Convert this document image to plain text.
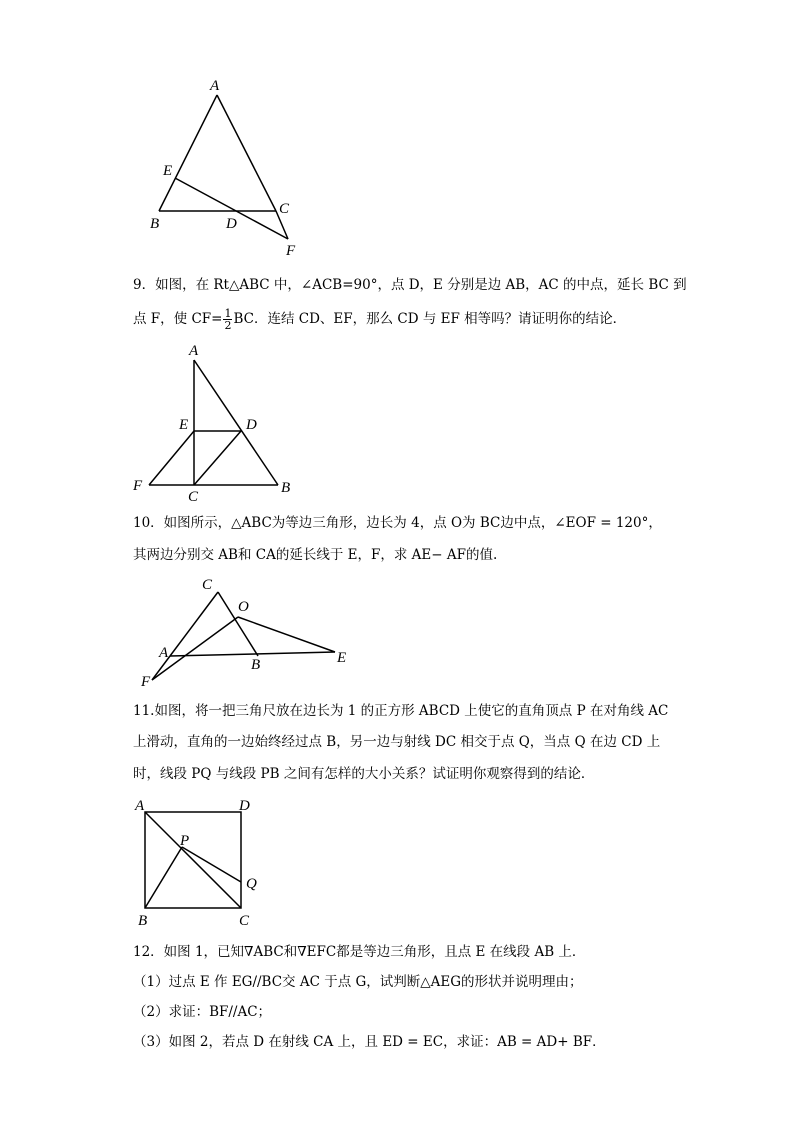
A
E
B	D
C
F
9．如图，在 Rt△ABC 中，∠ACB=90°，点 D，E 分别是边 AB，AC 的中点，延长 BC 到
点 F，使 $CF= \frac{1}{2}$ BC．连结 CD、EF，那么 CD 与 EF 相等吗？请证明你的结论．
A
E	D
F
C
B
10．如图所示，△ABC为等边三角形，边长为 4，点 O为 BC边中点，∠EOF = 120°，
其两边分别交 AB和 CA的延长线于 E，F，求 AE− AF的值.
C
O
A
B	E
F
11.如图，将一把三角尺放在边长为 1 的正方形 ABCD 上使它的直角顶点 P 在对角线 AC
上滑动，直角的一边始终经过点 B，另一边与射线 DC 相交于点 Q，当点 Q 在边 CD 上
时，线段 PQ 与线段 PB 之间有怎样的大小关系？试证明你观察得到的结论．
A	D
P
Q
B	C
12．如图 1，已知∇ABC和∇EFC都是等边三角形，且点 E 在线段 AB 上．
（1）过点 E 作 EG//BC交 AC 于点 G，试判断△AEG的形状并说明理由；
（2）求证：BF//AC；
（3）如图 2，若点 D 在射线 CA 上，且 ED = EC，求证：AB = AD+ BF．
